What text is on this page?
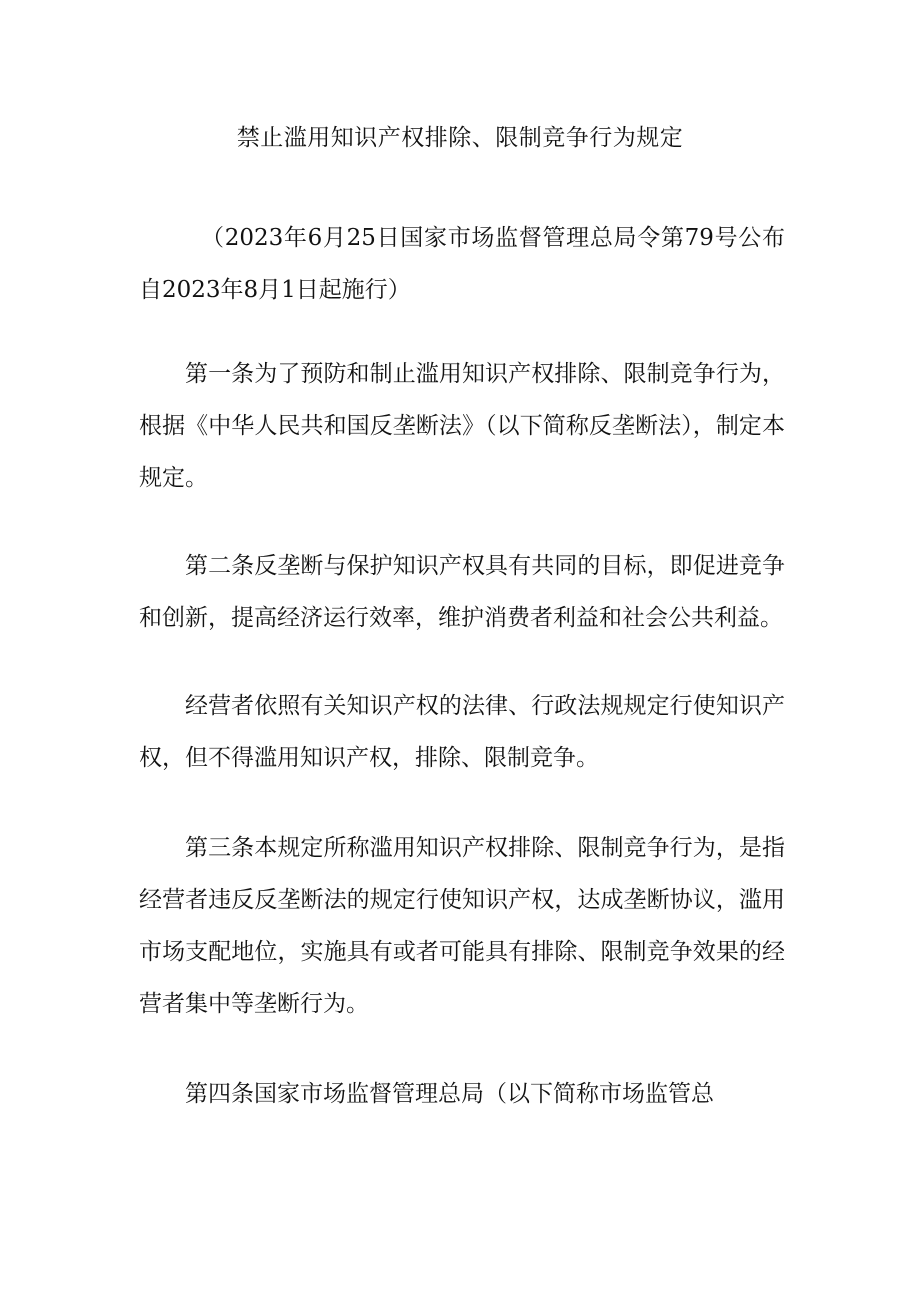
禁止滥用知识产权排除、限制竞争行为规定

（2023年6月25日国家市场监督管理总局令第79号公布 自2023年8月1日起施行）

第一条为了预防和制止滥用知识产权排除、限制竞争行为，根据《中华人民共和国反垄断法》（以下简称反垄断法），制定本规定。

第二条反垄断与保护知识产权具有共同的目标，即促进竞争和创新，提高经济运行效率，维护消费者利益和社会公共利益。

经营者依照有关知识产权的法律、行政法规规定行使知识产权，但不得滥用知识产权，排除、限制竞争。

第三条本规定所称滥用知识产权排除、限制竞争行为，是指经营者违反反垄断法的规定行使知识产权，达成垄断协议，滥用市场支配地位，实施具有或者可能具有排除、限制竞争效果的经营者集中等垄断行为。

第四条国家市场监督管理总局（以下简称市场监管总
